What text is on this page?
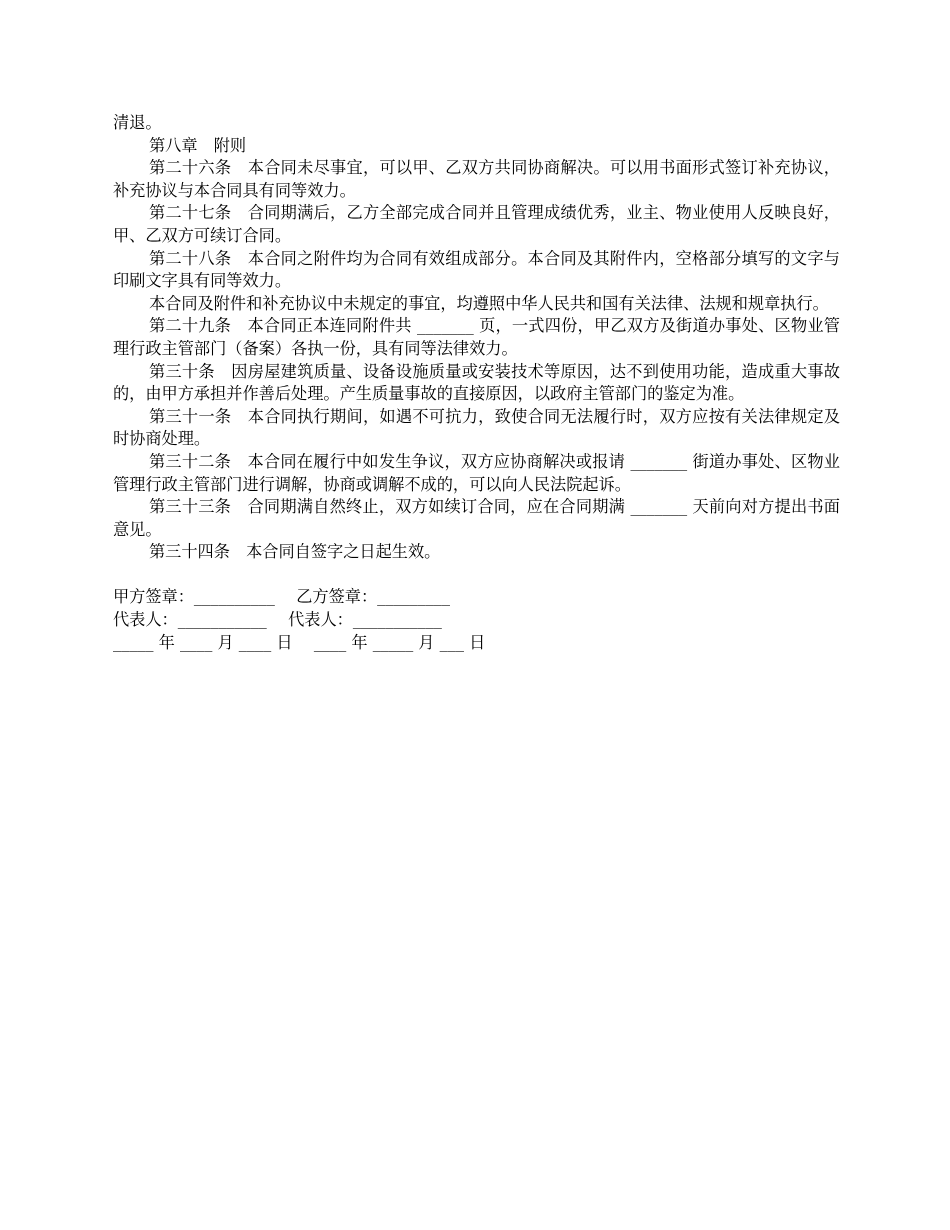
清退。

第八章　附则

第二十六条　本合同未尽事宜，可以甲、乙双方共同协商解决。可以用书面形式签订补充协议，补充协议与本合同具有同等效力。

第二十七条　合同期满后，乙方全部完成合同并且管理成绩优秀，业主、物业使用人反映良好，甲、乙双方可续订合同。

第二十八条　本合同之附件均为合同有效组成部分。本合同及其附件内，空格部分填写的文字与印刷文字具有同等效力。

本合同及附件和补充协议中未规定的事宜，均遵照中华人民共和国有关法律、法规和规章执行。

第二十九条　本合同正本连同附件共 _______ 页，一式四份，甲乙双方及街道办事处、区物业管理行政主管部门（备案）各执一份，具有同等法律效力。

第三十条　因房屋建筑质量、设备设施质量或安装技术等原因，达不到使用功能，造成重大事故的，由甲方承担并作善后处理。产生质量事故的直接原因，以政府主管部门的鉴定为准。

第三十一条　本合同执行期间，如遇不可抗力，致使合同无法履行时，双方应按有关法律规定及时协商处理。

第三十二条　本合同在履行中如发生争议，双方应协商解决或报请 _______ 街道办事处、区物业管理行政主管部门进行调解，协商或调解不成的，可以向人民法院起诉。

第三十三条　合同期满自然终止，双方如续订合同，应在合同期满 _______ 天前向对方提出书面意见。

第三十四条　本合同自签字之日起生效。

甲方签章：__________　 乙方签章：_________

代表人：___________　 代表人：___________

_____ 年 ____ 月 ____ 日　 ____ 年 _____ 月 ___ 日
